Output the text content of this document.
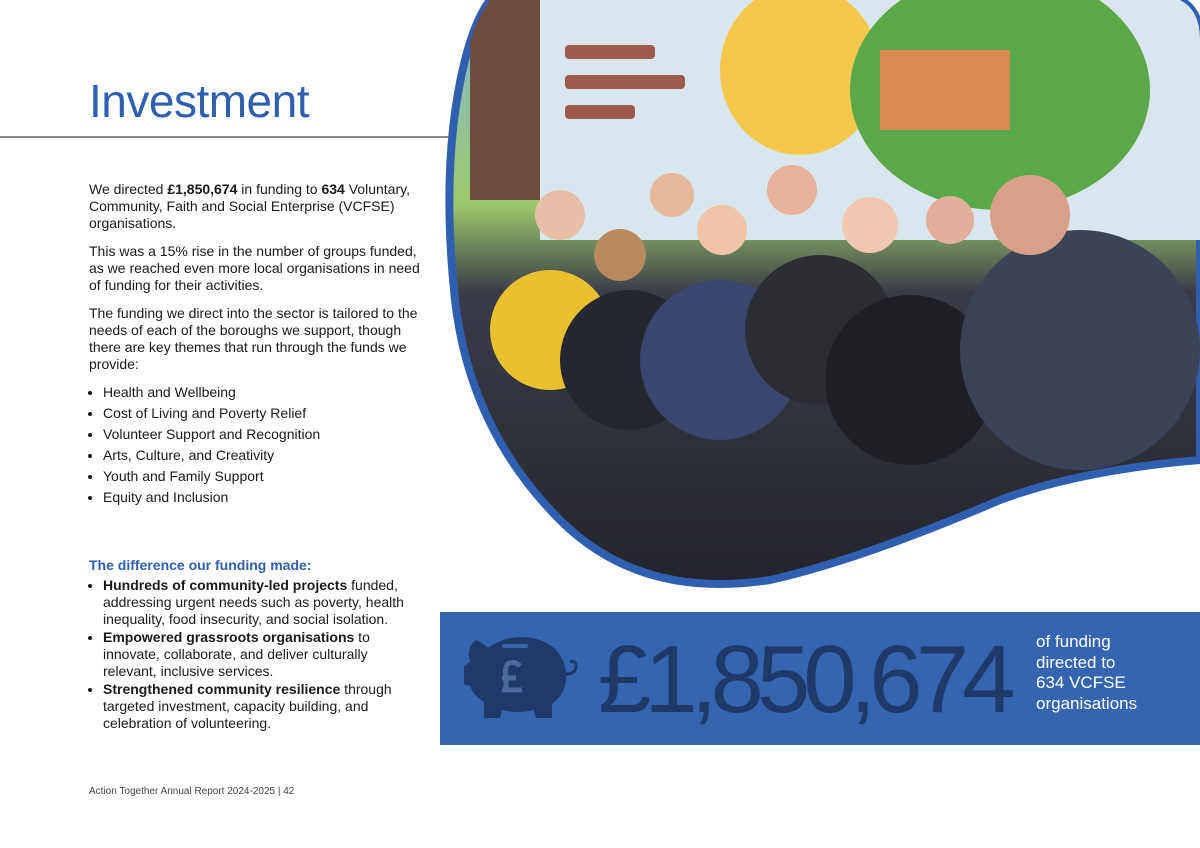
Investment

We directed £1,850,674 in funding to 634 Voluntary, Community, Faith and Social Enterprise (VCFSE) organisations.

This was a 15% rise in the number of groups funded, as we reached even more local organisations in need of funding for their activities.

The funding we direct into the sector is tailored to the needs of each of the boroughs we support, though there are key themes that run through the funds we provide:

• Health and Wellbeing
• Cost of Living and Poverty Relief
• Volunteer Support and Recognition
• Arts, Culture, and Creativity
• Youth and Family Support
• Equity and Inclusion
The difference our funding made:
• Hundreds of community-led projects funded, addressing urgent needs such as poverty, health inequality, food insecurity, and social isolation.
• Empowered grassroots organisations to innovate, collaborate, and deliver culturally relevant, inclusive services.
• Strengthened community resilience through targeted investment, capacity building, and celebration of volunteering.
Action Together Annual Report 2024-2025 | 42
£1,850,674 of funding
directed to
634 VCFSE
organisations
